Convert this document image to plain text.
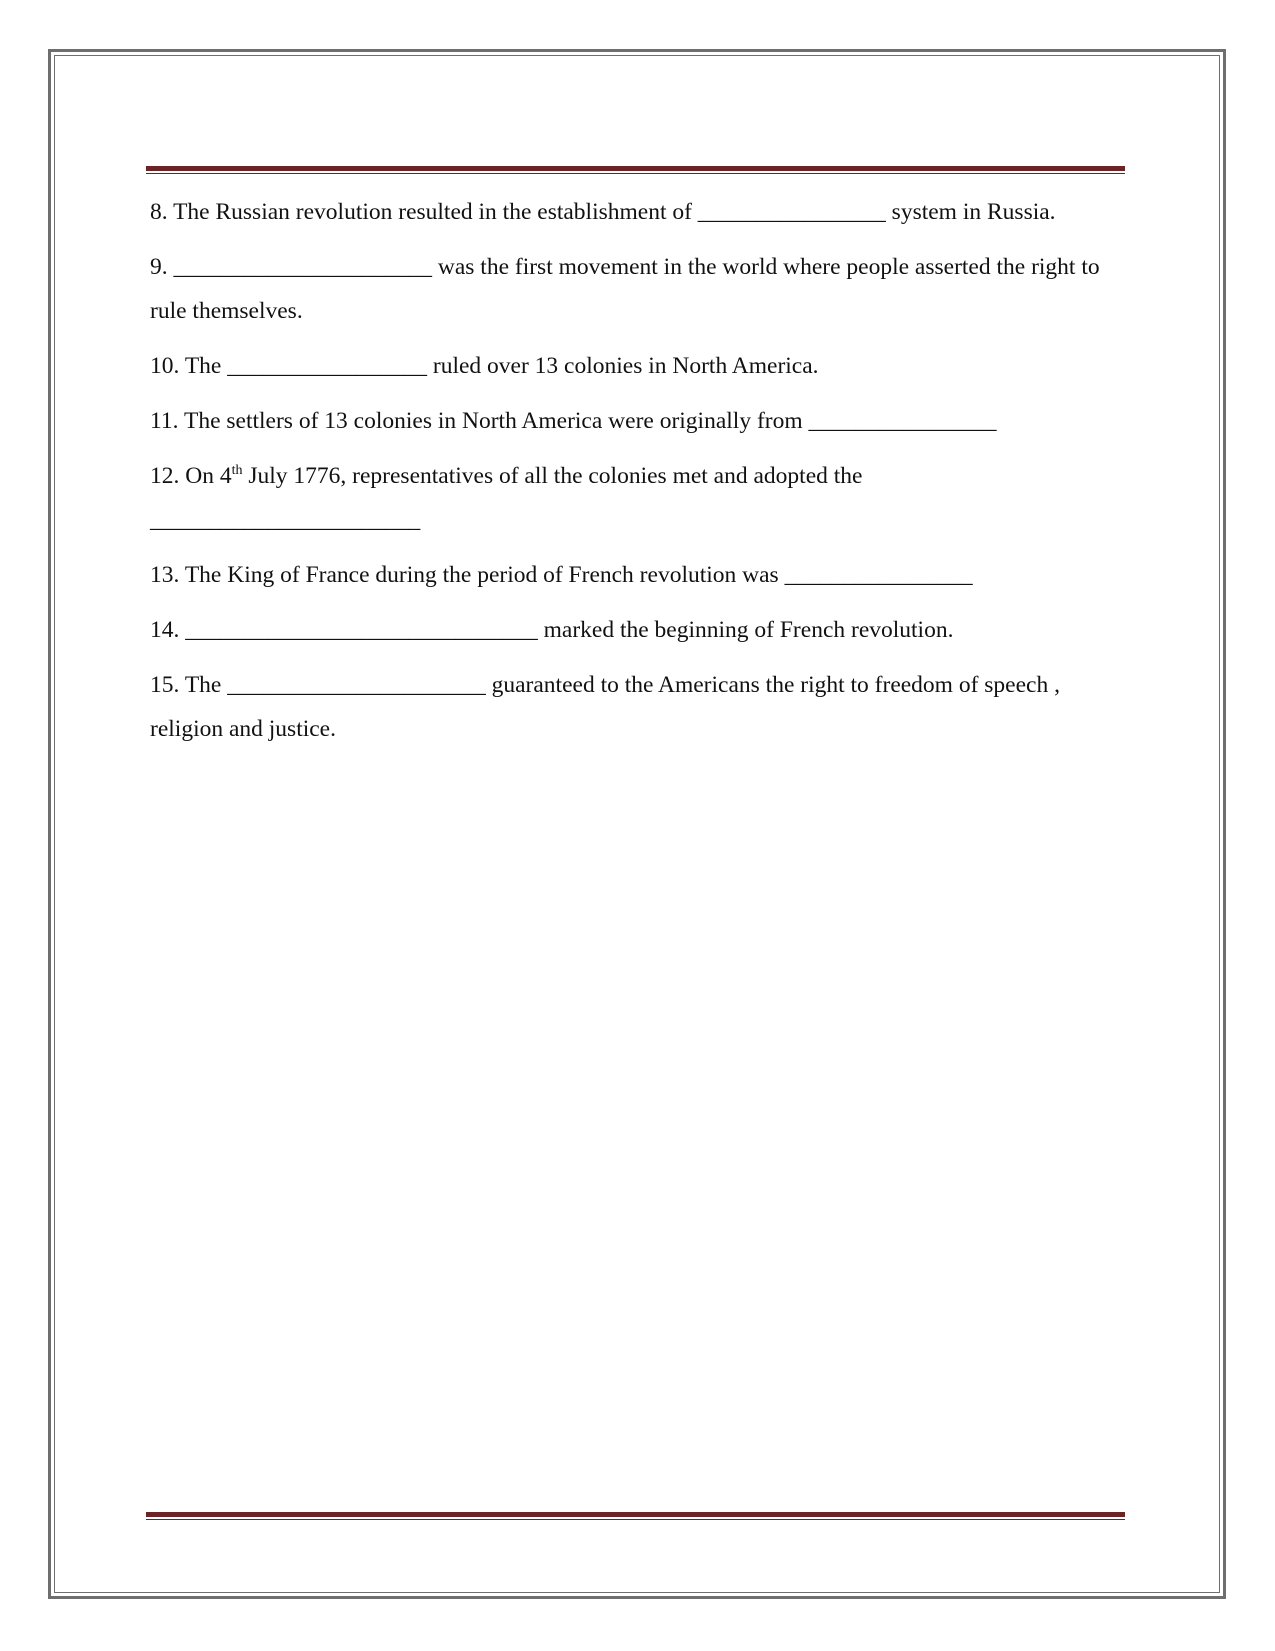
8. The Russian revolution resulted in the establishment of ________________ system in Russia.

9. ______________________ was the first movement in the world where people asserted the right to rule themselves.

10. The _________________ ruled over 13 colonies in North America.

11. The settlers of 13 colonies in North America were originally from ________________

12. On 4th July 1776, representatives of all the colonies met and adopted the
_______________________

13. The King of France during the period of French revolution was ________________

14. ______________________________ marked the beginning of French revolution.

15. The ______________________ guaranteed to the Americans the right to freedom of speech , religion and justice.
